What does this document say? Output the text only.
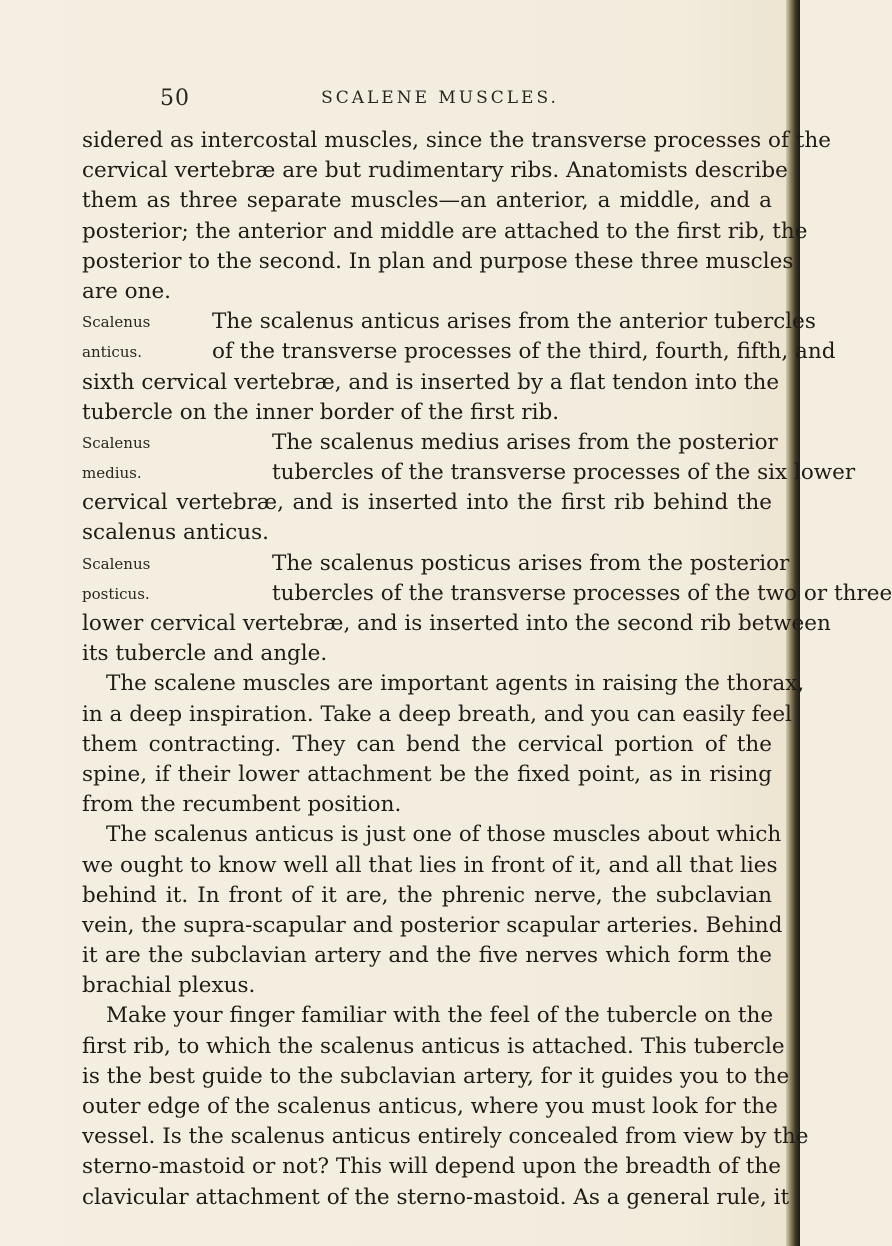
50	SCALENE MUSCLES.
sidered as intercostal muscles, since the transverse processes of the
cervical vertebræ are but rudimentary ribs. Anatomists describe
them as three separate muscles—an anterior, a middle, and a
posterior; the anterior and middle are attached to the first rib, the
posterior to the second. In plan and purpose these three muscles
are one.
Scalenus	The scalenus anticus arises from the anterior tubercles
anticus.	of the transverse processes of the third, fourth, fifth, and
sixth cervical vertebræ, and is inserted by a flat tendon into the
tubercle on the inner border of the first rib.
Scalenus	The scalenus medius arises from the posterior
medius.	tubercles of the transverse processes of the six lower
cervical vertebræ, and is inserted into the first rib behind the
scalenus anticus.
Scalenus	The scalenus posticus arises from the posterior
posticus.	tubercles of the transverse processes of the two or three
lower cervical vertebræ, and is inserted into the second rib between
its tubercle and angle.
The scalene muscles are important agents in raising the thorax,
in a deep inspiration. Take a deep breath, and you can easily feel
them contracting. They can bend the cervical portion of the
spine, if their lower attachment be the fixed point, as in rising
from the recumbent position.
The scalenus anticus is just one of those muscles about which
we ought to know well all that lies in front of it, and all that lies
behind it. In front of it are, the phrenic nerve, the subclavian
vein, the supra-scapular and posterior scapular arteries. Behind
it are the subclavian artery and the five nerves which form the
brachial plexus.
Make your finger familiar with the feel of the tubercle on the
first rib, to which the scalenus anticus is attached. This tubercle
is the best guide to the subclavian artery, for it guides you to the
outer edge of the scalenus anticus, where you must look for the
vessel. Is the scalenus anticus entirely concealed from view by the
sterno-mastoid or not? This will depend upon the breadth of the
clavicular attachment of the sterno-mastoid. As a general rule, it
